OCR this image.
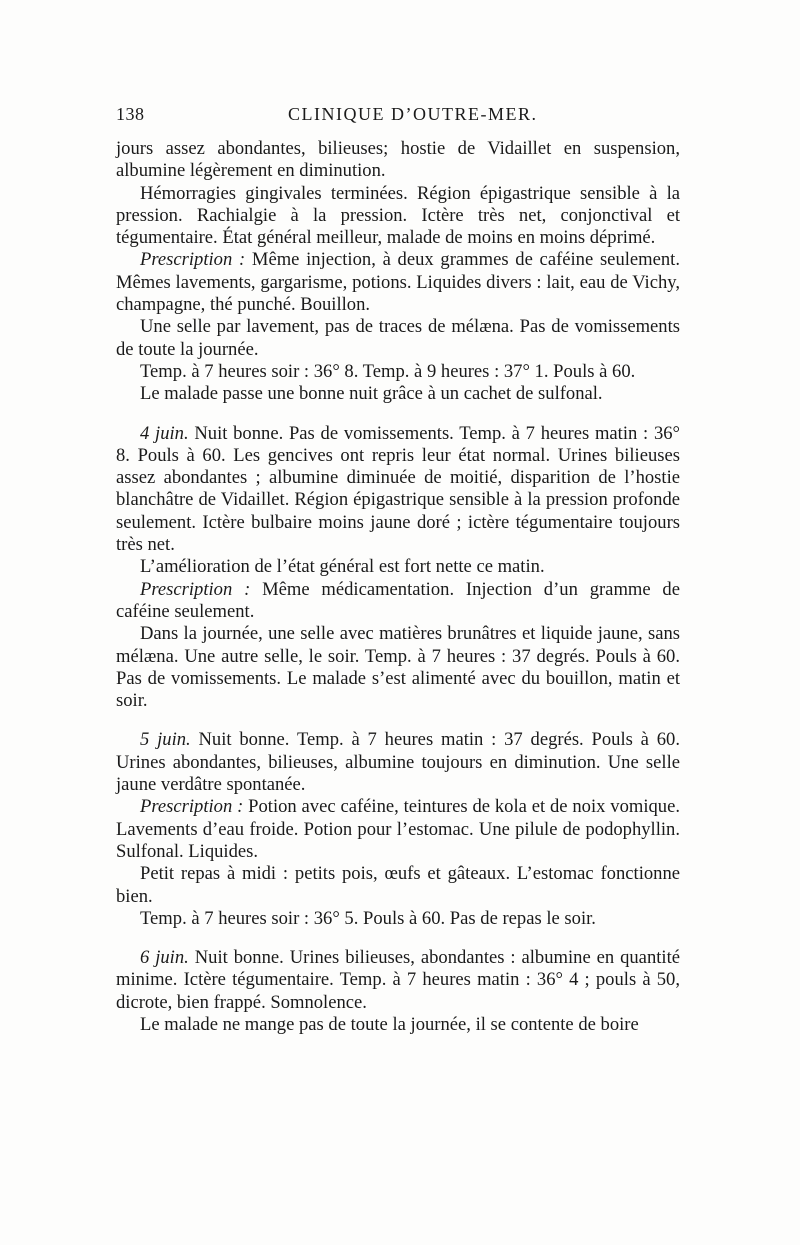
138	CLINIQUE D’OUTRE-MER.

jours assez abondantes, bilieuses; hostie de Vidaillet en suspension, albumine légèrement en diminution.

Hémorragies gingivales terminées. Région épigastrique sensible à la pression. Rachialgie à la pression. Ictère très net, conjonctival et tégumentaire. État général meilleur, malade de moins en moins déprimé.

Prescription : Même injection, à deux grammes de caféine seulement. Mêmes lavements, gargarisme, potions. Liquides divers : lait, eau de Vichy, champagne, thé punché. Bouillon.

Une selle par lavement, pas de traces de mélæna. Pas de vomissements de toute la journée.

Temp. à 7 heures soir : 36° 8. Temp. à 9 heures : 37° 1. Pouls à 60.

Le malade passe une bonne nuit grâce à un cachet de sulfonal.

4 juin. Nuit bonne. Pas de vomissements. Temp. à 7 heures matin : 36° 8. Pouls à 60. Les gencives ont repris leur état normal. Urines bilieuses assez abondantes ; albumine diminuée de moitié, disparition de l’hostie blanchâtre de Vidaillet. Région épigastrique sensible à la pression profonde seulement. Ictère bulbaire moins jaune doré ; ictère tégumentaire toujours très net.

L’amélioration de l’état général est fort nette ce matin.

Prescription : Même médicamentation. Injection d’un gramme de caféine seulement.

Dans la journée, une selle avec matières brunâtres et liquide jaune, sans mélæna. Une autre selle, le soir. Temp. à 7 heures : 37 degrés. Pouls à 60. Pas de vomissements. Le malade s’est alimenté avec du bouillon, matin et soir.

5 juin. Nuit bonne. Temp. à 7 heures matin : 37 degrés. Pouls à 60. Urines abondantes, bilieuses, albumine toujours en diminution. Une selle jaune verdâtre spontanée.

Prescription : Potion avec caféine, teintures de kola et de noix vomique. Lavements d’eau froide. Potion pour l’estomac. Une pilule de podophyllin. Sulfonal. Liquides.

Petit repas à midi : petits pois, œufs et gâteaux. L’estomac fonctionne bien.

Temp. à 7 heures soir : 36° 5. Pouls à 60. Pas de repas le soir.

6 juin. Nuit bonne. Urines bilieuses, abondantes : albumine en quantité minime. Ictère tégumentaire. Temp. à 7 heures matin : 36° 4 ; pouls à 50, dicrote, bien frappé. Somnolence.

Le malade ne mange pas de toute la journée, il se contente de boire
